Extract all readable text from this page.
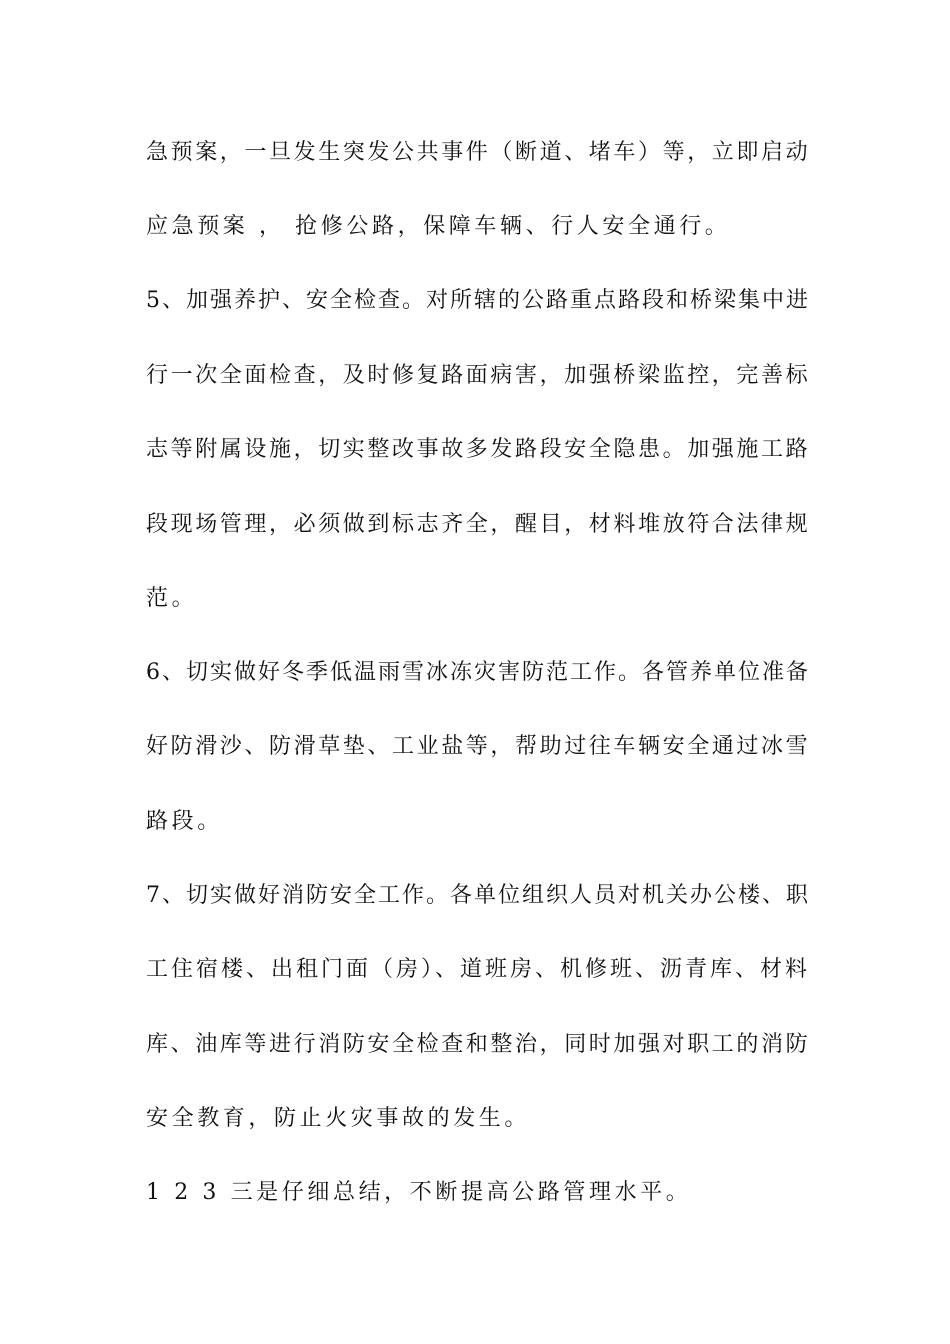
急预案，一旦发生突发公共事件（断道、堵车）等，立即启动
应急预案 ， 抢修公路，保障车辆、行人安全通行。
5、加强养护、安全检查。对所辖的公路重点路段和桥梁集中进
行一次全面检查，及时修复路面病害，加强桥梁监控，完善标
志等附属设施，切实整改事故多发路段安全隐患。加强施工路
段现场管理，必须做到标志齐全，醒目，材料堆放符合法律规
范。
6、切实做好冬季低温雨雪冰冻灾害防范工作。各管养单位准备
好防滑沙、防滑草垫、工业盐等，帮助过往车辆安全通过冰雪
路段。
7、切实做好消防安全工作。各单位组织人员对机关办公楼、职
工住宿楼、出租门面（房）、道班房、机修班、沥青库、材料
库、油库等进行消防安全检查和整治，同时加强对职工的消防
安全教育，防止火灾事故的发生。
1 2 3 三是仔细总结，不断提高公路管理水平。
